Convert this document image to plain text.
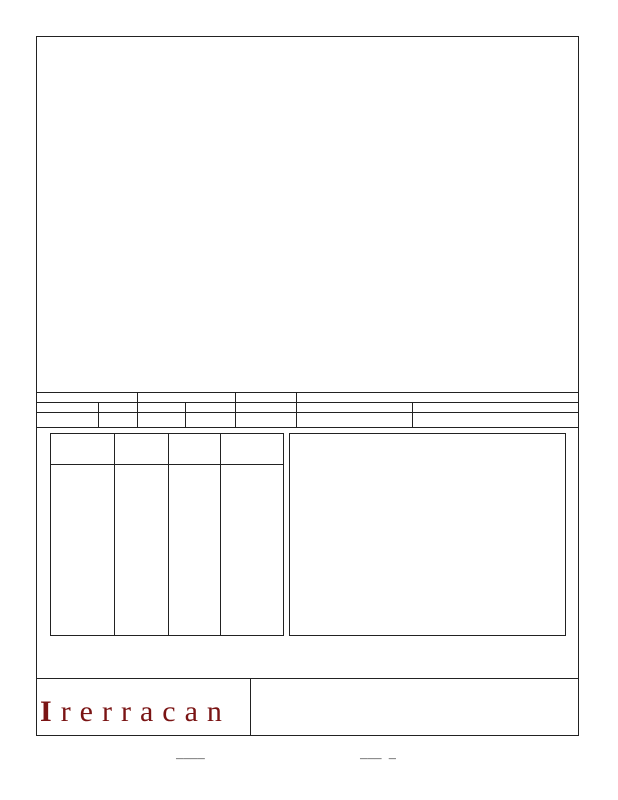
Irerracan
____	___ _
